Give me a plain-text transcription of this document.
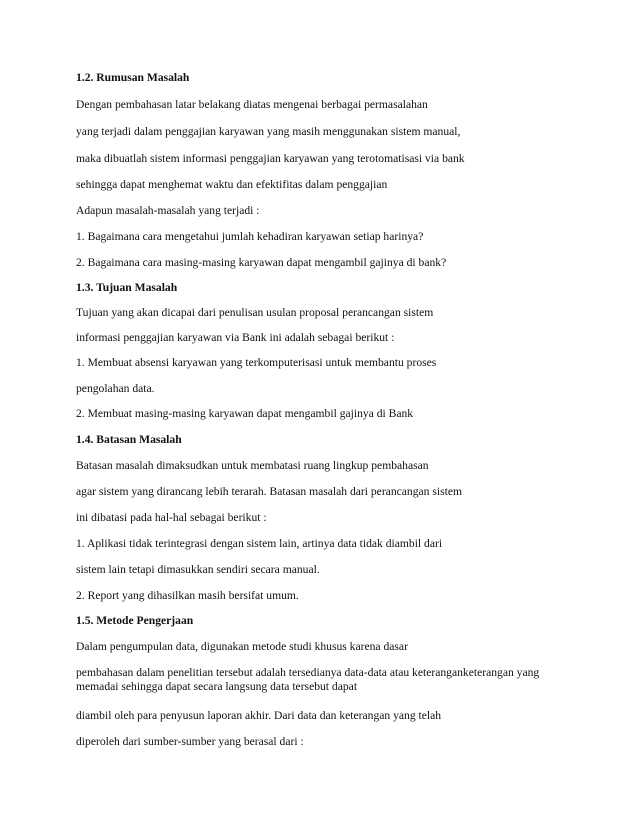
1.2. Rumusan Masalah
Dengan pembahasan latar belakang diatas mengenai berbagai permasalahan
yang terjadi dalam penggajian karyawan yang masih menggunakan sistem manual,
maka dibuatlah sistem informasi penggajian karyawan yang terotomatisasi via bank
sehingga dapat menghemat waktu dan efektifitas dalam penggajian
Adapun masalah-masalah yang terjadi :
1. Bagaimana cara mengetahui jumlah kehadiran karyawan setiap harinya?
2. Bagaimana cara masing-masing karyawan dapat mengambil gajinya di bank?
1.3. Tujuan Masalah
Tujuan yang akan dicapai dari penulisan usulan proposal perancangan sistem
informasi penggajian karyawan via Bank ini adalah sebagai berikut :
1. Membuat absensi karyawan yang terkomputerisasi untuk membantu proses
pengolahan data.
2. Membuat masing-masing karyawan dapat mengambil gajinya di Bank
1.4. Batasan Masalah
Batasan masalah dimaksudkan untuk membatasi ruang lingkup pembahasan
agar sistem yang dirancang lebih terarah. Batasan masalah dari perancangan sistem
ini dibatasi pada hal-hal sebagai berikut :
1. Aplikasi tidak terintegrasi dengan sistem lain, artinya data tidak diambil dari
sistem lain tetapi dimasukkan sendiri secara manual.
2. Report yang dihasilkan masih bersifat umum.
1.5. Metode Pengerjaan
Dalam pengumpulan data, digunakan metode studi khusus karena dasar
pembahasan dalam penelitian tersebut adalah tersedianya data-data atau keteranganketerangan yang memadai sehingga dapat secara langsung data tersebut dapat
diambil oleh para penyusun laporan akhir. Dari data dan keterangan yang telah
diperoleh dari sumber-sumber yang berasal dari :
